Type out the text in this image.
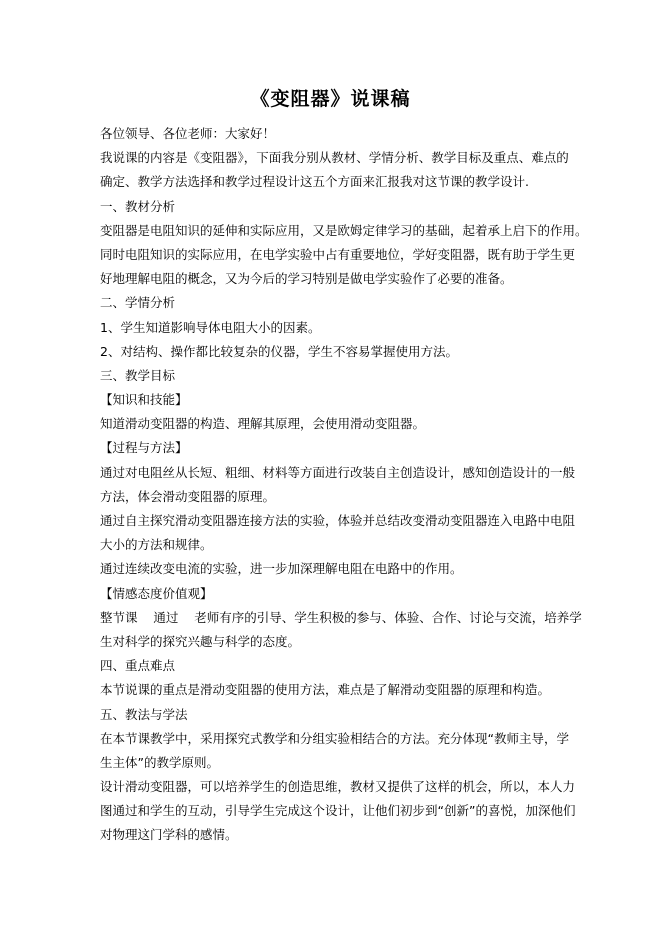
《变阻器》说课稿
各位领导、各位老师：大家好！
我说课的内容是《变阻器》，下面我分别从教材、学情分析、教学目标及重点、难点的
确定、教学方法选择和教学过程设计这五个方面来汇报我对这节课的教学设计.
一、教材分析
变阻器是电阻知识的延伸和实际应用，又是欧姆定律学习的基础，起着承上启下的作用。
同时电阻知识的实际应用，在电学实验中占有重要地位，学好变阻器，既有助于学生更
好地理解电阻的概念，又为今后的学习特别是做电学实验作了必要的准备。
二、学情分析
1、学生知道影响导体电阻大小的因素。
2、对结构、操作都比较复杂的仪器，学生不容易掌握使用方法。
三、教学目标
【知识和技能】
知道滑动变阻器的构造、理解其原理，会使用滑动变阻器。
【过程与方法】
通过对电阻丝从长短、粗细、材料等方面进行改装自主创造设计，感知创造设计的一般
方法，体会滑动变阻器的原理。
通过自主探究滑动变阻器连接方法的实验，体验并总结改变滑动变阻器连入电路中电阻
大小的方法和规律。
通过连续改变电流的实验，进一步加深理解电阻在电路中的作用。
【情感态度价值观】
整节课    通过    老师有序的引导、学生积极的参与、体验、合作、讨论与交流，培养学
生对科学的探究兴趣与科学的态度。
四、重点难点
本节说课的重点是滑动变阻器的使用方法，难点是了解滑动变阻器的原理和构造。
五、教法与学法
在本节课教学中，采用探究式教学和分组实验相结合的方法。充分体现“教师主导，学
生主体”的教学原则。
设计滑动变阻器，可以培养学生的创造思维，教材又提供了这样的机会，所以，本人力
图通过和学生的互动，引导学生完成这个设计，让他们初步到“创新”的喜悦，加深他们
对物理这门学科的感情。
